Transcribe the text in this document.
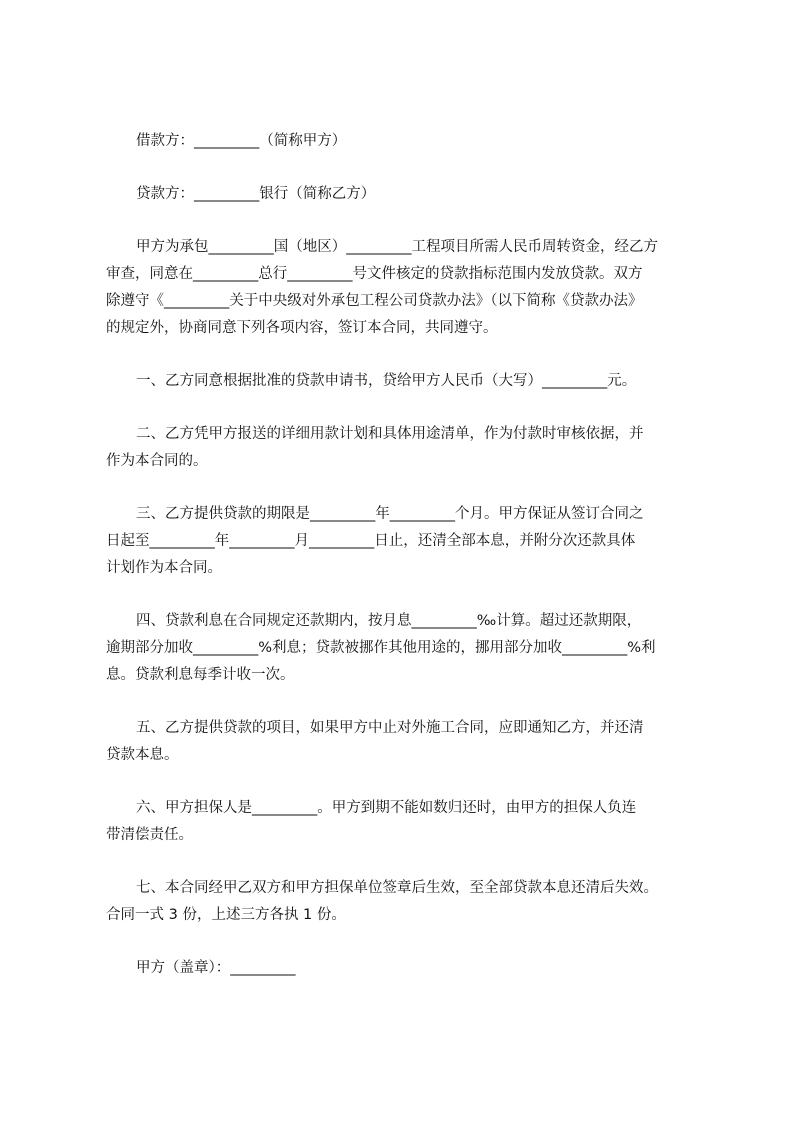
借款方：_________（简称甲方）
贷款方：_________银行（简称乙方）
甲方为承包_________国（地区）_________工程项目所需人民币周转资金，经乙方
审查，同意在_________总行_________号文件核定的贷款指标范围内发放贷款。双方
除遵守《_________关于中央级对外承包工程公司贷款办法》（以下简称《贷款办法》
的规定外，协商同意下列各项内容，签订本合同，共同遵守。
一、乙方同意根据批准的贷款申请书，贷给甲方人民币（大写）_________元。
二、乙方凭甲方报送的详细用款计划和具体用途清单，作为付款时审核依据，并
作为本合同的。
三、乙方提供贷款的期限是_________年_________个月。甲方保证从签订合同之
日起至_________年_________月_________日止，还清全部本息，并附分次还款具体
计划作为本合同。
四、贷款利息在合同规定还款期内，按月息_________‰计算。超过还款期限，
逾期部分加收_________%利息；贷款被挪作其他用途的，挪用部分加收_________%利
息。贷款利息每季计收一次。
五、乙方提供贷款的项目，如果甲方中止对外施工合同，应即通知乙方，并还清
贷款本息。
六、甲方担保人是_________。甲方到期不能如数归还时，由甲方的担保人负连
带清偿责任。
七、本合同经甲乙双方和甲方担保单位签章后生效，至全部贷款本息还清后失效。
合同一式 3 份，上述三方各执 1 份。
甲方（盖章）：_________
